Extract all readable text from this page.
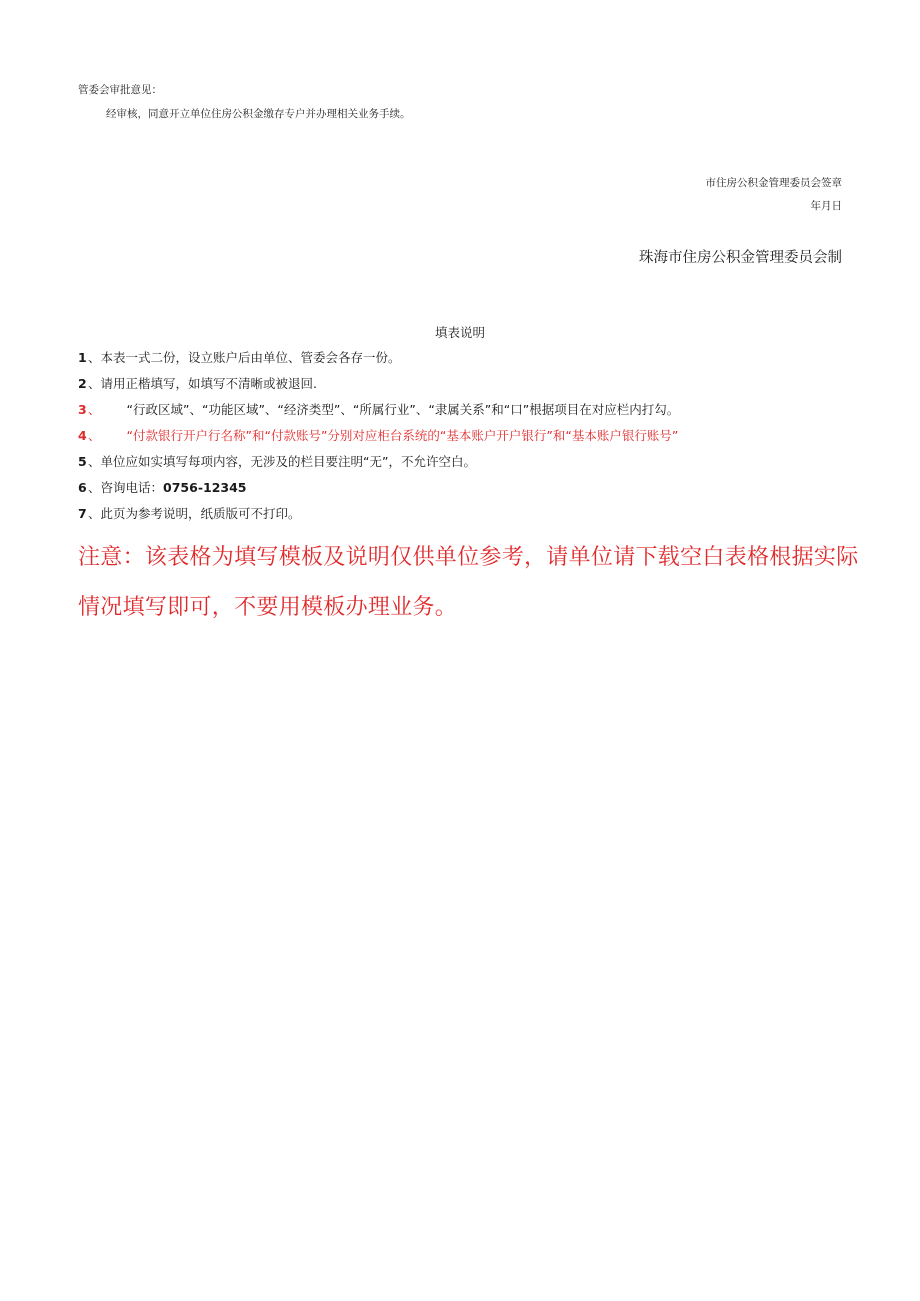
管委会审批意见：
经审核，同意开立单位住房公积金缴存专户并办理相关业务手续。
市住房公积金管理委员会签章
年月日
珠海市住房公积金管理委员会制
填表说明
1、本表一式二份，设立账户后由单位、管委会各存一份。
2、请用正楷填写，如填写不清晰或被退回.
3、 “行政区域”、“功能区域”、“经济类型”、“所属行业”、“隶属关系”和“口”根据项目在对应栏内打勾。
4、 “付款银行开户行名称”和“付款账号”分别对应柜台系统的“基本账户开户银行”和“基本账户银行账号”
5、单位应如实填写每项内容，无涉及的栏目要注明“无”，不允许空白。
6、咨询电话：0756-12345
7、此页为参考说明，纸质版可不打印。
注意：该表格为填写模板及说明仅供单位参考，请单位请下载空白表格根据实际
情况填写即可，不要用模板办理业务。
